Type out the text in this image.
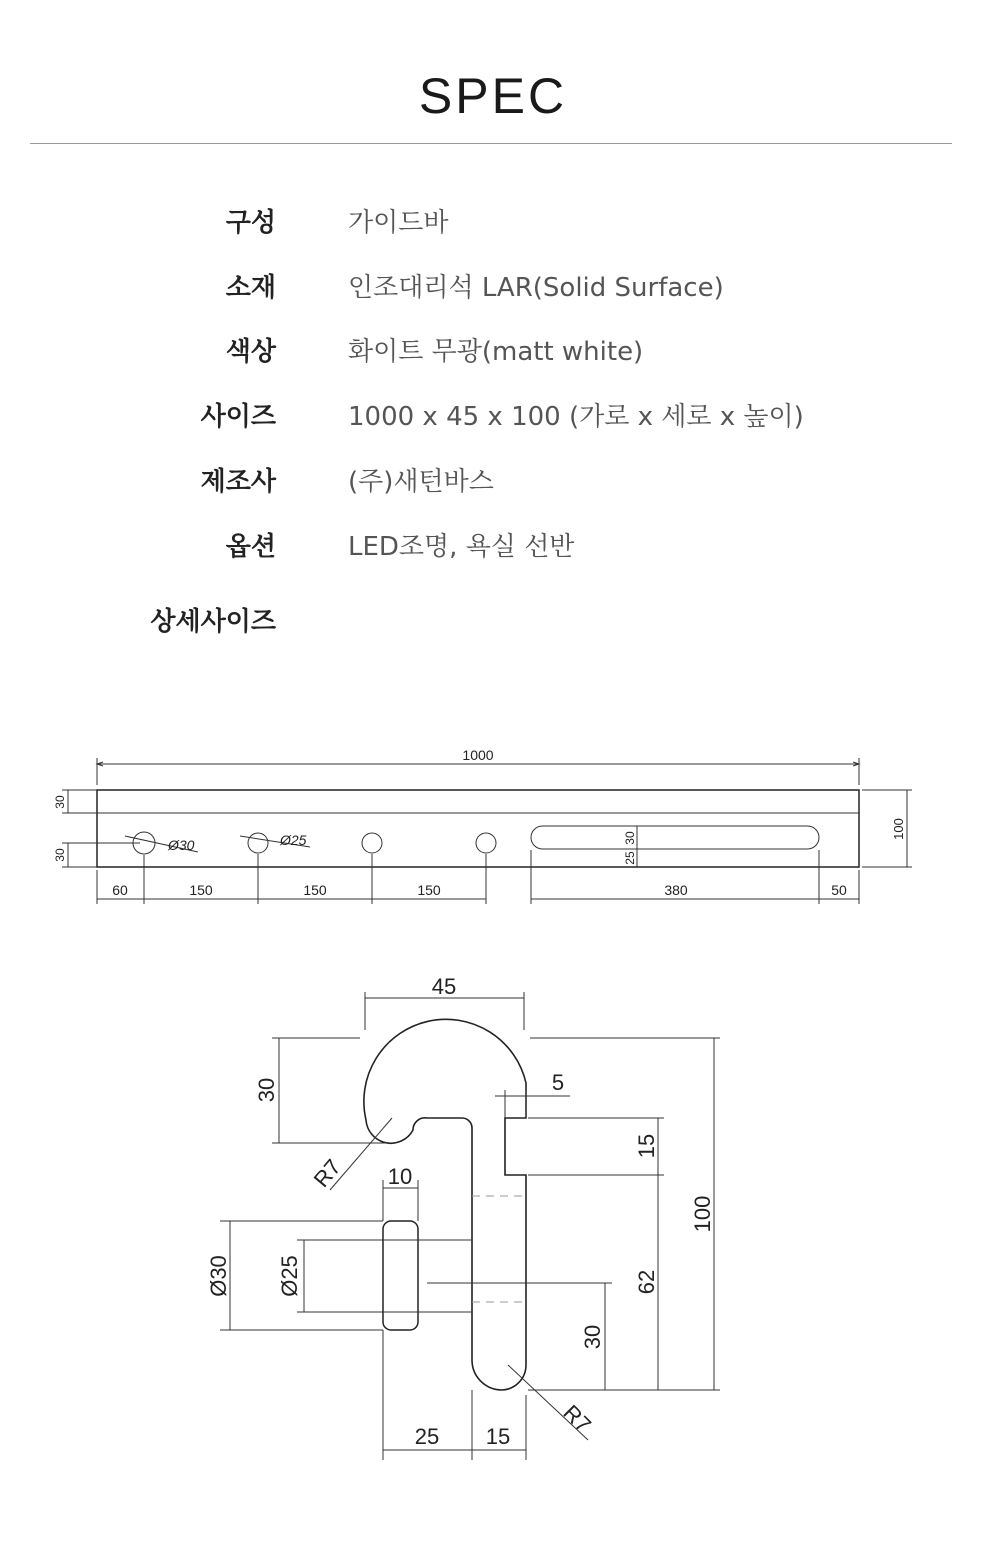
SPEC
구성	가이드바
소재	인조대리석 LAR(Solid Surface)
색상	화이트 무광(matt white)
사이즈	1000 x 45 x 100 (가로 x 세로 x 높이)
제조사	(주)새턴바스
옵션	LED조명, 욕실 선반
상세사이즈
1000
100
30
30
Ø30	Ø25
60	150	150	150	380	50
30
25
45
30
R7
5
15
10
Ø30 Ø25
100
62
30
R7
25 15
